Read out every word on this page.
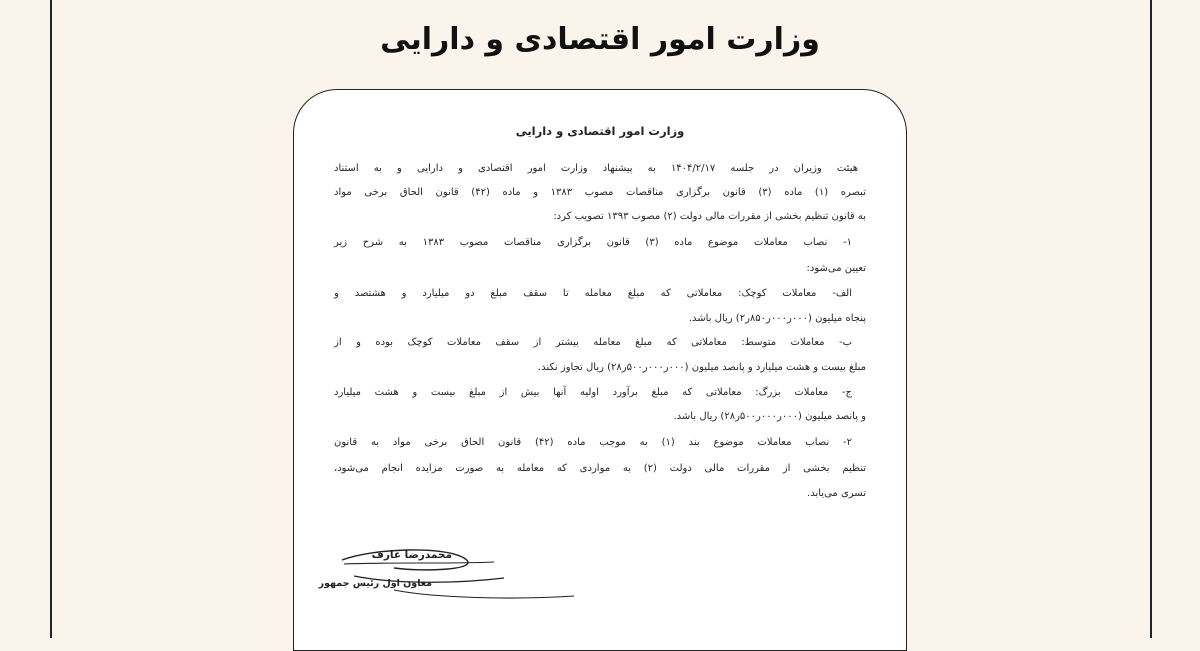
وزارت امور اقتصادی و دارایی
وزارت امور اقتصادی و دارایی
هیئت وزیران در جلسه ۱۴۰۴/۲/۱۷ به پیشنهاد وزارت امور اقتصادی و دارایی و به استناد
تبصره (۱) ماده (۳) قانون برگزاری مناقصات مصوب ۱۳۸۳ و ماده (۴۲) قانون الحاق برخی مواد
به قانون تنظیم بخشی از مقررات مالی دولت (۲) مصوب ۱۳۹۳ تصویب کرد:
۱- نصاب معاملات موضوع ماده (۳) قانون برگزاری مناقصات مصوب ۱۳۸۳ به شرح زیر
تعیین می‌شود:
الف- معاملات کوچک: معاملاتی که مبلغ معامله تا سقف مبلغ دو میلیارد و هشتصد و
پنجاه میلیون (۰۰۰ر۰۰۰ر۸۵۰ر۲) ریال باشد.
ب- معاملات متوسط: معاملاتی که مبلغ معامله بیشتر از سقف معاملات کوچک بوده و از
مبلغ بیست و هشت میلیارد و پانصد میلیون (۰۰۰ر۰۰۰ر۵۰۰ر۲۸) ریال تجاوز نکند.
ج- معاملات بزرگ: معاملاتی که مبلغ برآورد اولیه آنها بیش از مبلغ بیست و هشت میلیارد
و پانصد میلیون (۰۰۰ر۰۰۰ر۵۰۰ر۲۸) ریال باشد.
۲- نصاب معاملات موضوع بند (۱) به موجب ماده (۴۲) قانون الحاق برخی مواد به قانون
تنظیم بخشی از مقررات مالی دولت (۲) به مواردی که معامله به صورت مزایده انجام می‌شود،
تسری می‌یابد.
محمدرضا عارف
معاون اول رئیس جمهور
